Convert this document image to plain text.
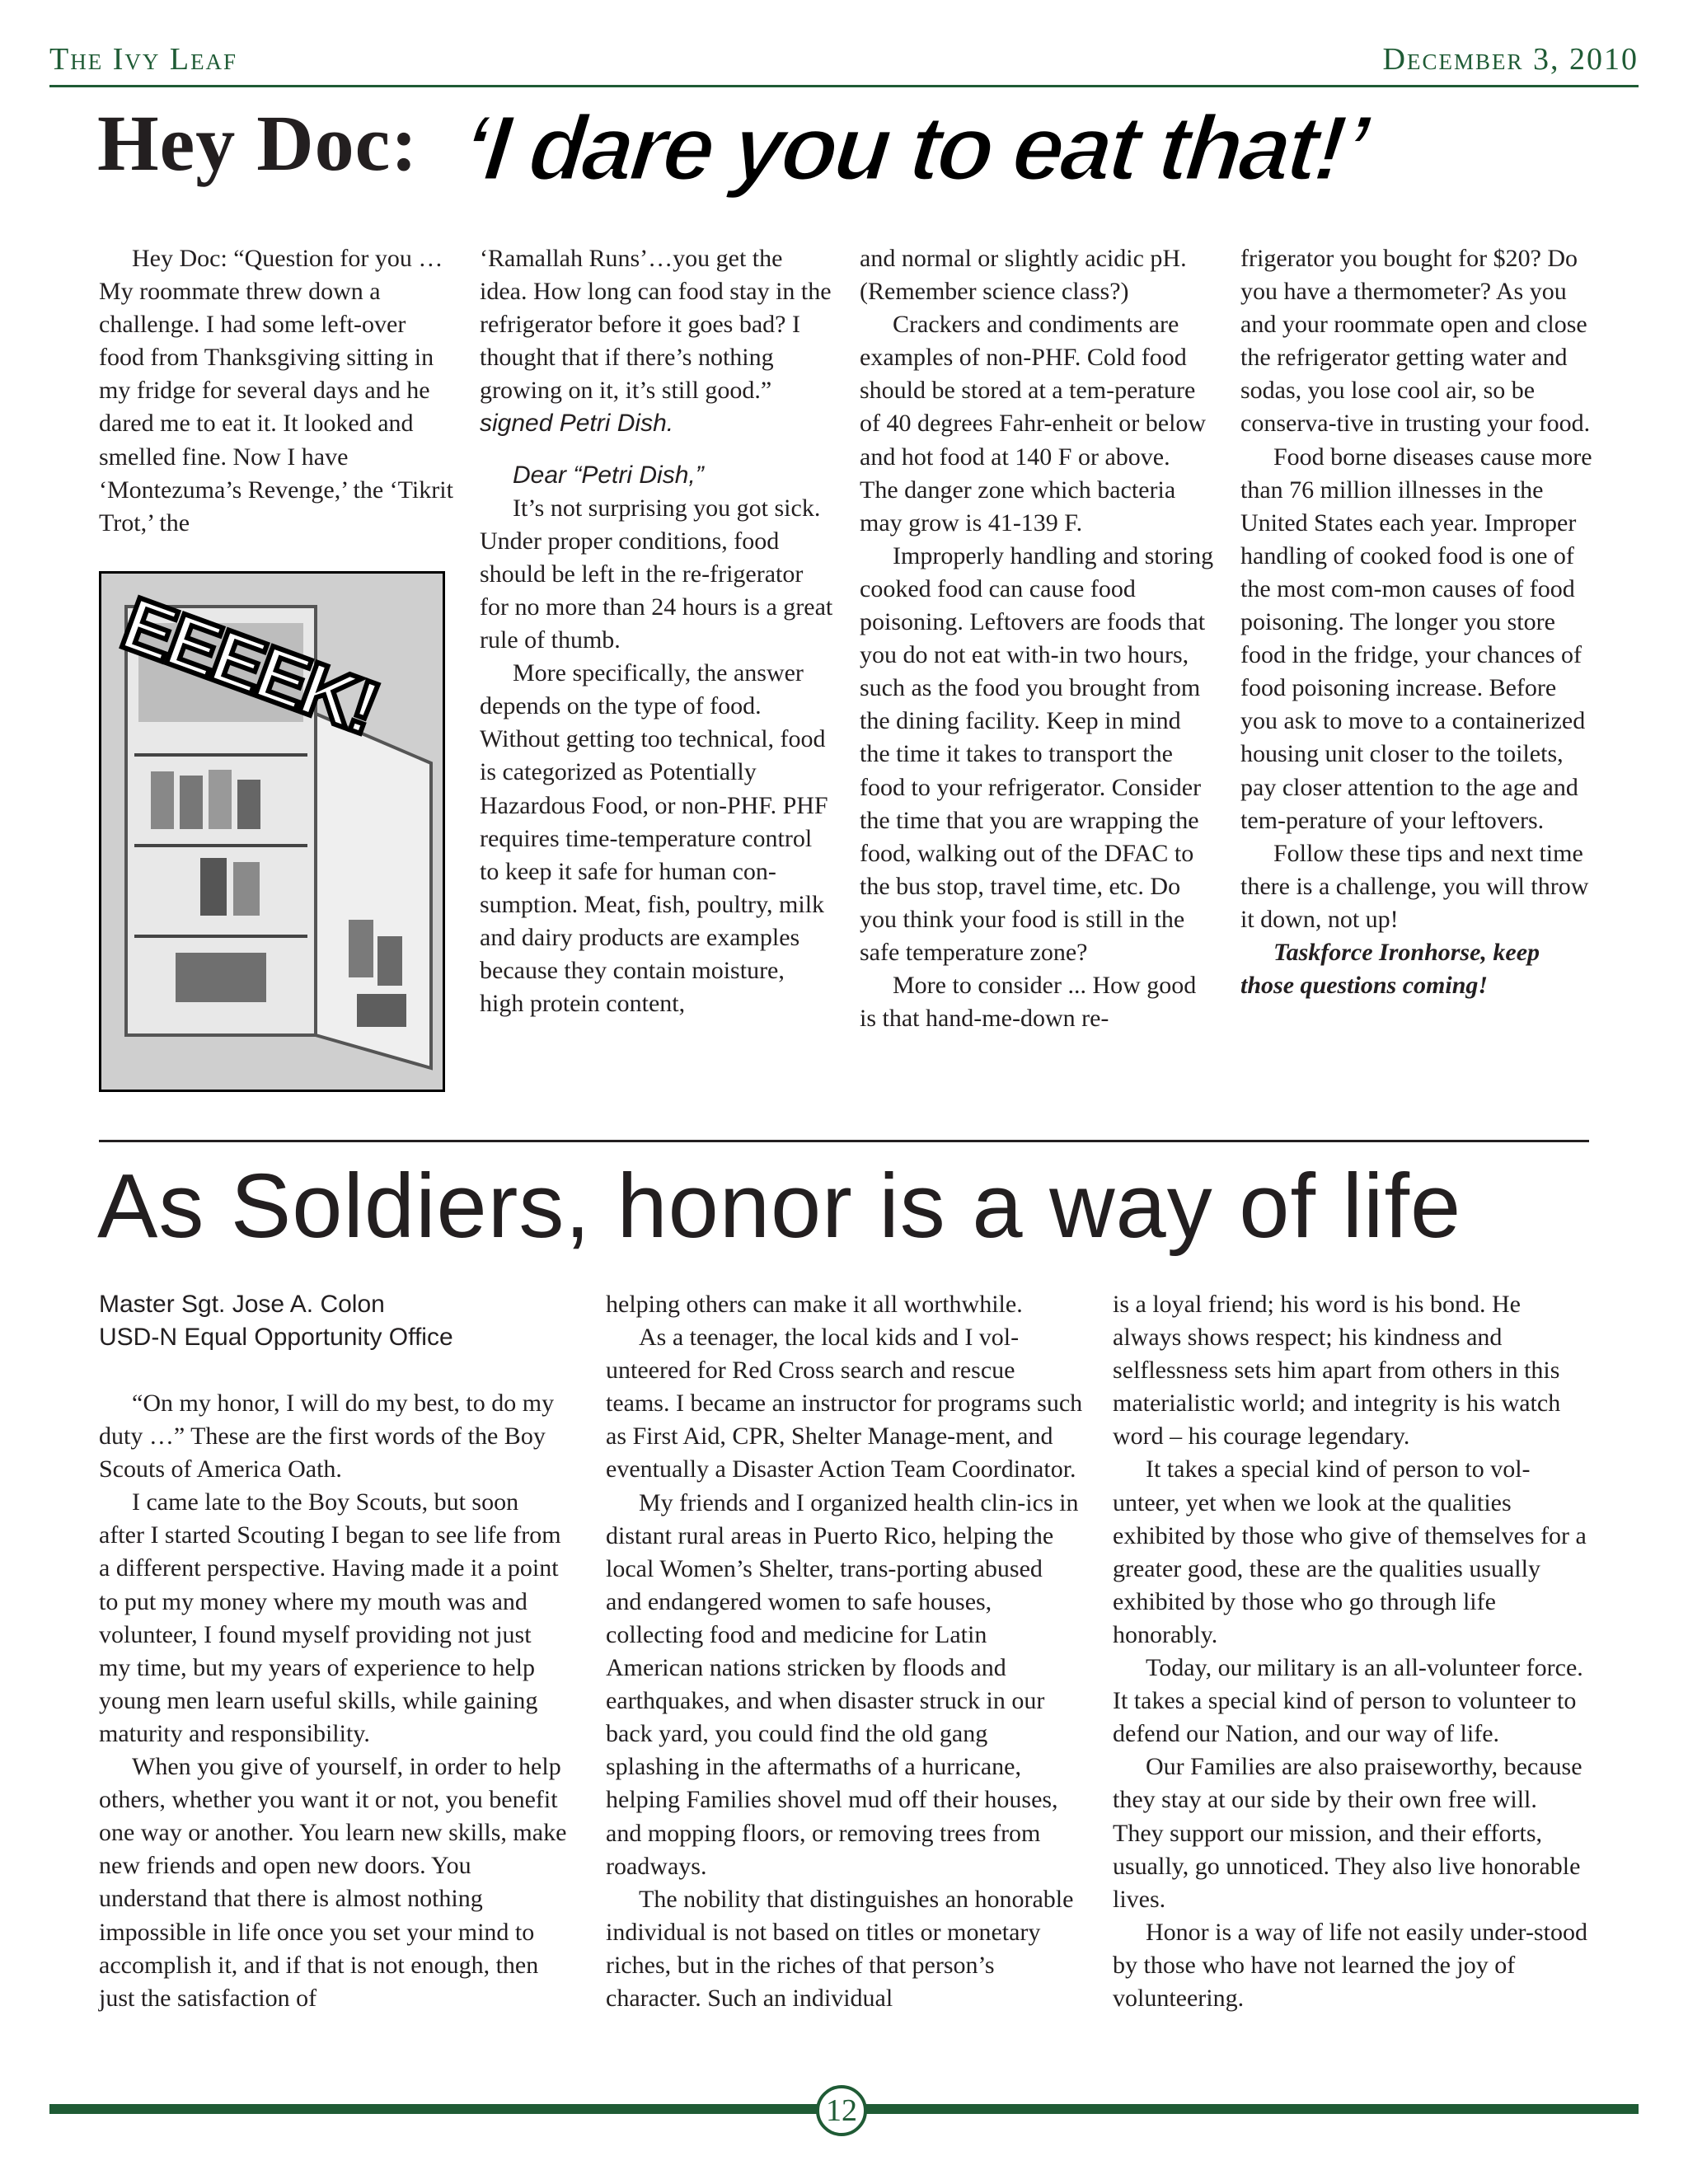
The Ivy Leaf	December 3, 2010
Hey Doc: ‘I dare you to eat that!’

Hey Doc: “Question for you … My roommate threw down a challenge. I had some left-over food from Thanksgiving sitting in my fridge for several days and he dared me to eat it. It looked and smelled fine. Now I have ‘Montezuma’s Revenge,’ the ‘Tikrit Trot,’ the

EEEEK!

‘Ramallah Runs’…you get the idea. How long can food stay in the refrigerator before it goes bad? I thought that if there’s nothing growing on it, it’s still good.” signed Petri Dish.

Dear “Petri Dish,”

It’s not surprising you got sick. Under proper conditions, food should be left in the re-frigerator for no more than 24 hours is a great rule of thumb.

More specifically, the answer depends on the type of food. Without getting too technical, food is categorized as Potentially Hazardous Food, or non-PHF. PHF requires time-temperature control to keep it safe for human con-sumption. Meat, fish, poultry, milk and dairy products are examples because they contain moisture, high protein content,

and normal or slightly acidic pH. (Remember science class?)

Crackers and condiments are examples of non-PHF. Cold food should be stored at a tem-perature of 40 degrees Fahr-enheit or below and hot food at 140 F or above. The danger zone which bacteria may grow is 41-139 F.

Improperly handling and storing cooked food can cause food poisoning. Leftovers are foods that you do not eat with-in two hours, such as the food you brought from the dining facility. Keep in mind the time it takes to transport the food to your refrigerator. Consider the time that you are wrapping the food, walking out of the DFAC to the bus stop, travel time, etc. Do you think your food is still in the safe temperature zone?

More to consider ... How good is that hand-me-down re-

frigerator you bought for $20? Do you have a thermometer? As you and your roommate open and close the refrigerator getting water and sodas, you lose cool air, so be conserva-tive in trusting your food.

Food borne diseases cause more than 76 million illnesses in the United States each year. Improper handling of cooked food is one of the most com-mon causes of food poisoning. The longer you store food in the fridge, your chances of food poisoning increase. Before you ask to move to a containerized housing unit closer to the toilets, pay closer attention to the age and tem-perature of your leftovers.

Follow these tips and next time there is a challenge, you will throw it down, not up!

Taskforce Ironhorse, keep those questions coming!

As Soldiers, honor is a way of life
Master Sgt. Jose A. Colon
USD-N Equal Opportunity Office

“On my honor, I will do my best, to do my duty …” These are the first words of the Boy Scouts of America Oath.

I came late to the Boy Scouts, but soon after I started Scouting I began to see life from a different perspective. Having made it a point to put my money where my mouth was and volunteer, I found myself providing not just my time, but my years of experience to help young men learn useful skills, while gaining maturity and responsibility.

When you give of yourself, in order to help others, whether you want it or not, you benefit one way or another. You learn new skills, make new friends and open new doors. You understand that there is almost nothing impossible in life once you set your mind to accomplish it, and if that is not enough, then just the satisfaction of

helping others can make it all worthwhile.

As a teenager, the local kids and I vol-unteered for Red Cross search and rescue teams. I became an instructor for programs such as First Aid, CPR, Shelter Manage-ment, and eventually a Disaster Action Team Coordinator.

My friends and I organized health clin-ics in distant rural areas in Puerto Rico, helping the local Women’s Shelter, trans-porting abused and endangered women to safe houses, collecting food and medicine for Latin American nations stricken by floods and earthquakes, and when disaster struck in our back yard, you could find the old gang splashing in the aftermaths of a hurricane, helping Families shovel mud off their houses, and mopping floors, or removing trees from roadways.

The nobility that distinguishes an honorable individual is not based on titles or monetary riches, but in the riches of that person’s character. Such an individual

is a loyal friend; his word is his bond. He always shows respect; his kindness and selflessness sets him apart from others in this materialistic world; and integrity is his watch word – his courage legendary.

It takes a special kind of person to vol-unteer, yet when we look at the qualities exhibited by those who give of themselves for a greater good, these are the qualities usually exhibited by those who go through life honorably.

Today, our military is an all-volunteer force. It takes a special kind of person to volunteer to defend our Nation, and our way of life.

Our Families are also praiseworthy, because they stay at our side by their own free will. They support our mission, and their efforts, usually, go unnoticed. They also live honorable lives.

Honor is a way of life not easily under-stood by those who have not learned the joy of volunteering.

12
